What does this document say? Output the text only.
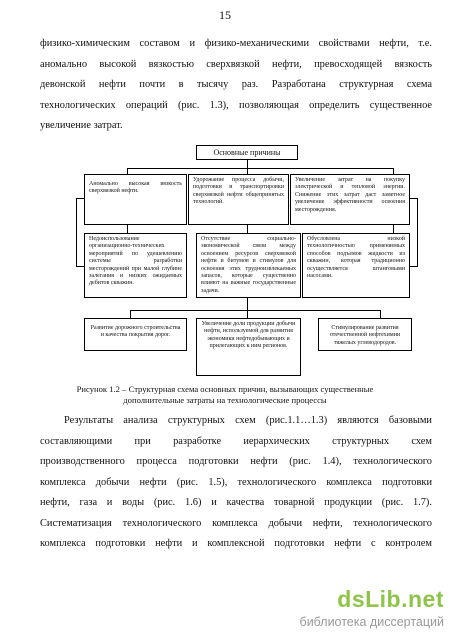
15
физико-химическим составом и физико-механическими свойствами нефти, т.е.
аномально высокой вязкостью сверхвязкой нефти, превосходящей вязкость
девонской нефти почти в тысячу раз. Разработана структурная схема
технологических операций (рис. 1.3), позволяющая определить существенное
увеличение затрат.
Основные причины
Аномально высокая вязкость сверхвязкой нефти.
Удорожание процесса добычи, подготовки и транспортировки сверхвязкой нефти общепринятых технологий.
Увеличение затрат на покупку электрической и тепловой энергии. Снижение этих затрат даст заметное увеличение эффективности освоения месторождения.
Недоиспользование организационно-технических мероприятий по удешевлению системы разработки месторождений при малой глубине залегания и низких ожидаемых дебитов скважин.
Отсутствие социально-экономической связи между освоением ресурсов сверхвязкой нефти и битумов и стимулов для освоения этих трудноизвлекаемых запасов, которые существенно влияют на важные государственные задачи.
Обусловлена низкой технологичностью применяемых способов подъемов жидкости из скважин, которая традиционно осуществляется штанговыми насосами.
Развитие дорожного строительства и качества покрытия дорог.
Увеличение доли продукции добычи нефти, используемой для развития экономики нефтедобывающих и прилегающих к ним регионов.
Стимулирование развития отечественной нефтехимии тяжелых углеводородов.
Рисунок 1.2 – Структурная схема основных причин, вызывающих существенные
дополнительные затраты на технологические процессы
Результаты анализа структурных схем (рис.1.1…1.3) являются базовыми
составляющими при разработке иерархических структурных схем
производственного процесса подготовки нефти (рис. 1.4), технологического
комплекса добычи нефти (рис. 1.5), технологического комплекса подготовки
нефти, газа и воды (рис. 1.6) и качества товарной продукции (рис. 1.7).
Систематизация технологического комплекса добычи нефти, технологического
комплекса подготовки нефти и комплексной подготовки нефти с контролем
dsLib.net
библиотека диссертаций
